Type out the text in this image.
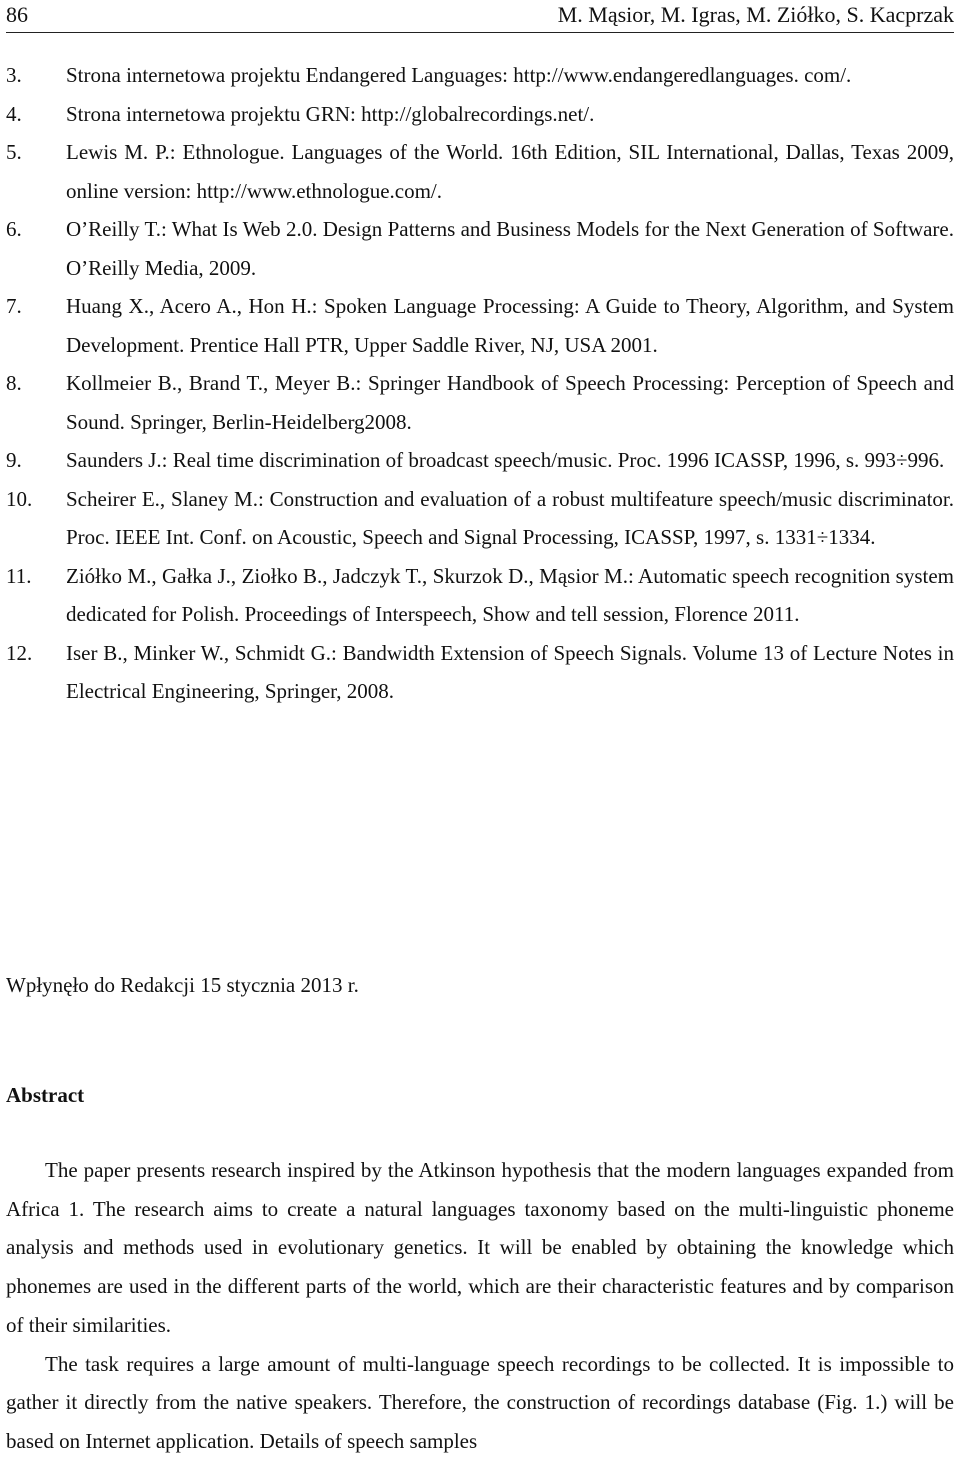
86	M. Mąsior, M. Igras, M. Ziółko, S. Kacprzak
3. Strona internetowa projektu Endangered Languages: http://www.endangeredlanguages. com/.
4. Strona internetowa projektu GRN: http://globalrecordings.net/.
5. Lewis M. P.: Ethnologue. Languages of the World. 16th Edition, SIL International, Dallas, Texas 2009, online version: http://www.ethnologue.com/.
6. O’Reilly T.: What Is Web 2.0. Design Patterns and Business Models for the Next Generation of Software. O’Reilly Media, 2009.
7. Huang X., Acero A., Hon H.: Spoken Language Processing: A Guide to Theory, Algorithm, and System Development. Prentice Hall PTR, Upper Saddle River, NJ, USA 2001.
8. Kollmeier B., Brand T., Meyer B.: Springer Handbook of Speech Processing: Perception of Speech and Sound. Springer, Berlin-Heidelberg2008.
9. Saunders J.: Real time discrimination of broadcast speech/music. Proc. 1996 ICASSP, 1996, s. 993÷996.
10. Scheirer E., Slaney M.: Construction and evaluation of a robust multifeature speech/music discriminator. Proc. IEEE Int. Conf. on Acoustic, Speech and Signal Processing, ICASSP, 1997, s. 1331÷1334.
11. Ziółko M., Gałka J., Ziołko B., Jadczyk T., Skurzok D., Mąsior M.: Automatic speech recognition system dedicated for Polish. Proceedings of Interspeech, Show and tell session, Florence 2011.
12. Iser B., Minker W., Schmidt G.: Bandwidth Extension of Speech Signals. Volume 13 of Lecture Notes in Electrical Engineering, Springer, 2008.
Wpłynęło do Redakcji 15 stycznia 2013 r.
Abstract

The paper presents research inspired by the Atkinson hypothesis that the modern languages expanded from Africa 1. The research aims to create a natural languages taxonomy based on the multi-linguistic phoneme analysis and methods used in evolutionary genetics. It will be enabled by obtaining the knowledge which phonemes are used in the different parts of the world, which are their characteristic features and by comparison of their similarities.

The task requires a large amount of multi-language speech recordings to be collected. It is impossible to gather it directly from the native speakers. Therefore, the construction of recordings database (Fig. 1.) will be based on Internet application. Details of speech samples
